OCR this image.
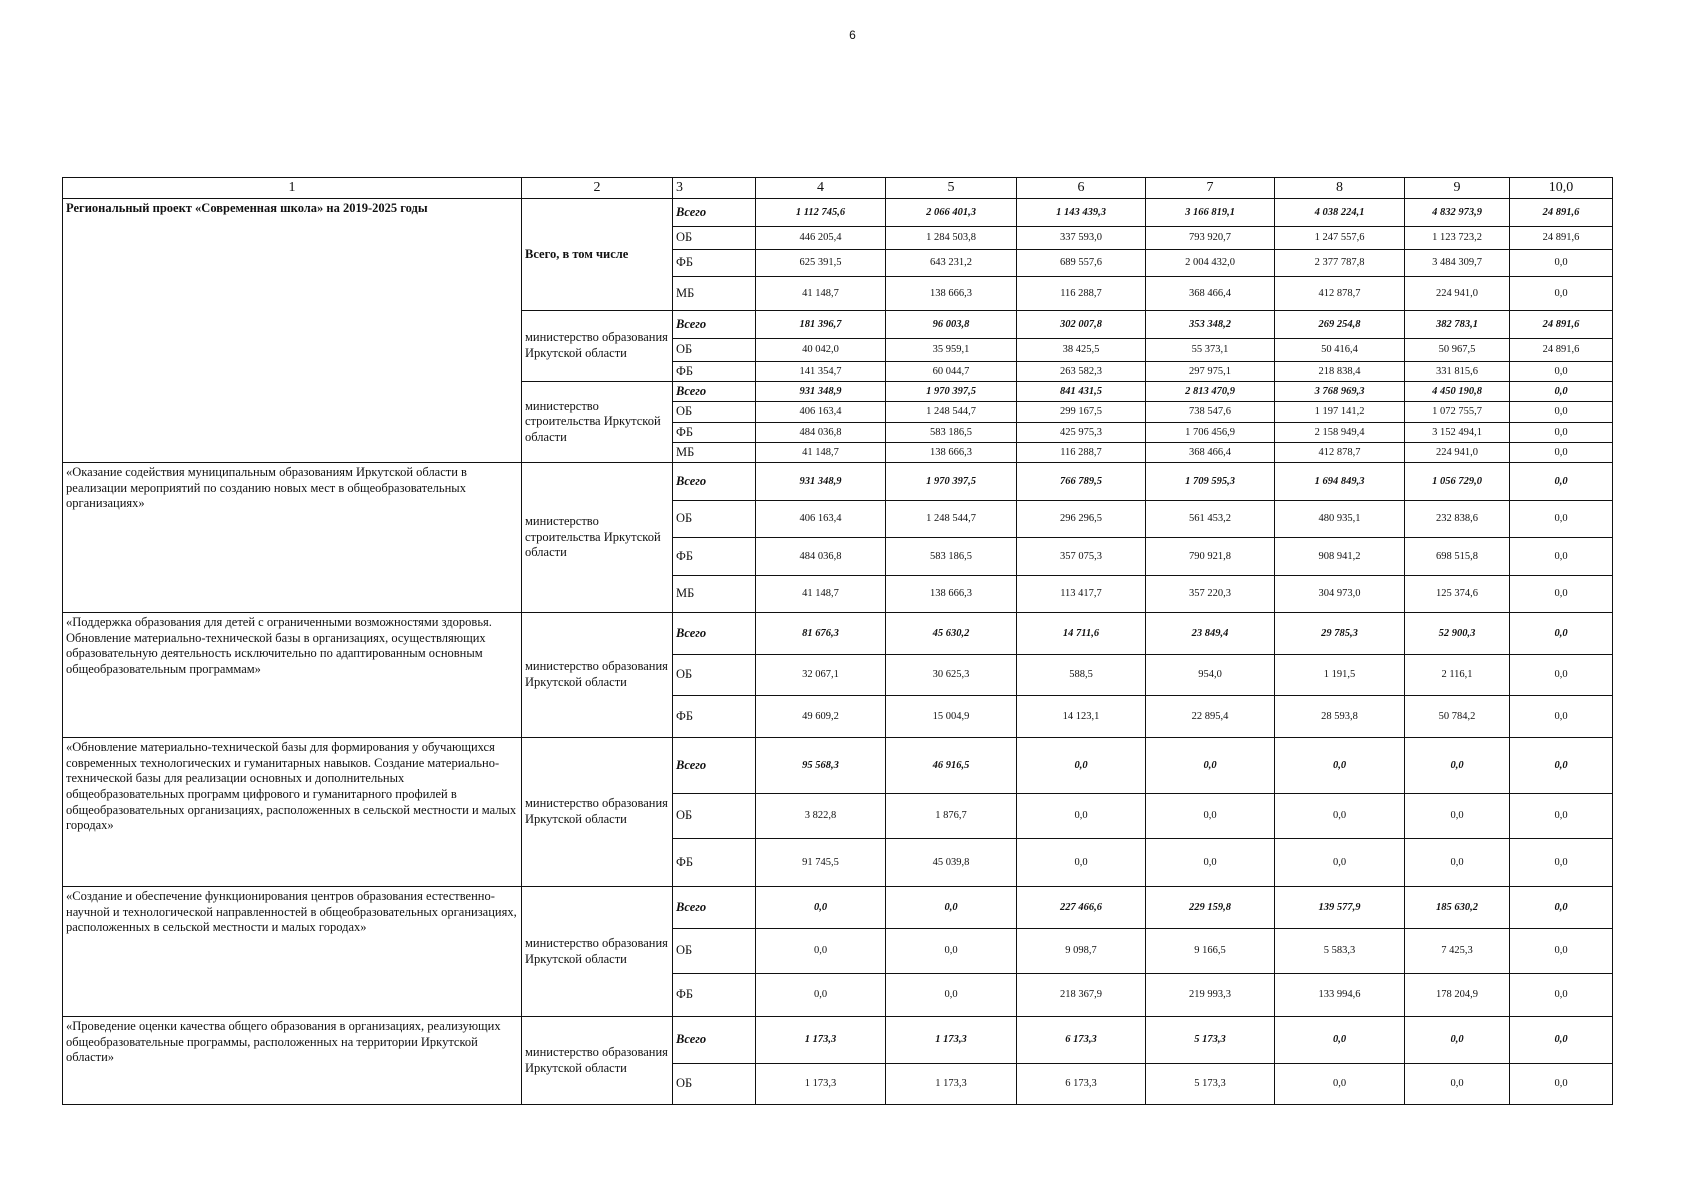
6
1	2	3	4	5	6	7	8	9	10,0
Региональный проект «Современная школа» на 2019-2025 годы	Всего, в том числе	Всего	1 112 745,6	2 066 401,3	1 143 439,3	3 166 819,1	4 038 224,1	4 832 973,9	24 891,6
		ОБ	446 205,4	1 284 503,8	337 593,0	793 920,7	1 247 557,6	1 123 723,2	24 891,6
		ФБ	625 391,5	643 231,2	689 557,6	2 004 432,0	2 377 787,8	3 484 309,7	0,0
		МБ	41 148,7	138 666,3	116 288,7	368 466,4	412 878,7	224 941,0	0,0
	министерство образования Иркутской области	Всего	181 396,7	96 003,8	302 007,8	353 348,2	269 254,8	382 783,1	24 891,6
		ОБ	40 042,0	35 959,1	38 425,5	55 373,1	50 416,4	50 967,5	24 891,6
		ФБ	141 354,7	60 044,7	263 582,3	297 975,1	218 838,4	331 815,6	0,0
	министерство строительства Иркутской области	Всего	931 348,9	1 970 397,5	841 431,5	2 813 470,9	3 768 969,3	4 450 190,8	0,0
		ОБ	406 163,4	1 248 544,7	299 167,5	738 547,6	1 197 141,2	1 072 755,7	0,0
		ФБ	484 036,8	583 186,5	425 975,3	1 706 456,9	2 158 949,4	3 152 494,1	0,0
		МБ	41 148,7	138 666,3	116 288,7	368 466,4	412 878,7	224 941,0	0,0
«Оказание содействия муниципальным образованиям Иркутской области в реализации мероприятий по созданию новых мест в общеобразовательных организациях»	министерство строительства Иркутской области	Всего	931 348,9	1 970 397,5	766 789,5	1 709 595,3	1 694 849,3	1 056 729,0	0,0
		ОБ	406 163,4	1 248 544,7	296 296,5	561 453,2	480 935,1	232 838,6	0,0
		ФБ	484 036,8	583 186,5	357 075,3	790 921,8	908 941,2	698 515,8	0,0
		МБ	41 148,7	138 666,3	113 417,7	357 220,3	304 973,0	125 374,6	0,0
«Поддержка образования для детей с ограниченными возможностями здоровья. Обновление материально-технической базы в организациях, осуществляющих образовательную деятельность исключительно по адаптированным основным общеобразовательным программам»	министерство образования Иркутской области	Всего	81 676,3	45 630,2	14 711,6	23 849,4	29 785,3	52 900,3	0,0
		ОБ	32 067,1	30 625,3	588,5	954,0	1 191,5	2 116,1	0,0
		ФБ	49 609,2	15 004,9	14 123,1	22 895,4	28 593,8	50 784,2	0,0
«Обновление материально-технической базы для формирования у обучающихся современных технологических и гуманитарных навыков. Создание материально-технической базы для реализации основных и дополнительных общеобразовательных программ цифрового и гуманитарного профилей в общеобразовательных организациях, расположенных в сельской местности и малых городах»	министерство образования Иркутской области	Всего	95 568,3	46 916,5	0,0	0,0	0,0	0,0	0,0
		ОБ	3 822,8	1 876,7	0,0	0,0	0,0	0,0	0,0
		ФБ	91 745,5	45 039,8	0,0	0,0	0,0	0,0	0,0
«Создание и обеспечение функционирования центров образования естественно-научной и технологической направленностей в общеобразовательных организациях, расположенных в сельской местности и малых городах»	министерство образования Иркутской области	Всего	0,0	0,0	227 466,6	229 159,8	139 577,9	185 630,2	0,0
		ОБ	0,0	0,0	9 098,7	9 166,5	5 583,3	7 425,3	0,0
		ФБ	0,0	0,0	218 367,9	219 993,3	133 994,6	178 204,9	0,0
«Проведение оценки качества общего образования в организациях, реализующих общеобразовательные программы, расположенных на территории Иркутской области»	министерство образования Иркутской области	Всего	1 173,3	1 173,3	6 173,3	5 173,3	0,0	0,0	0,0
		ОБ	1 173,3	1 173,3	6 173,3	5 173,3	0,0	0,0	0,0
